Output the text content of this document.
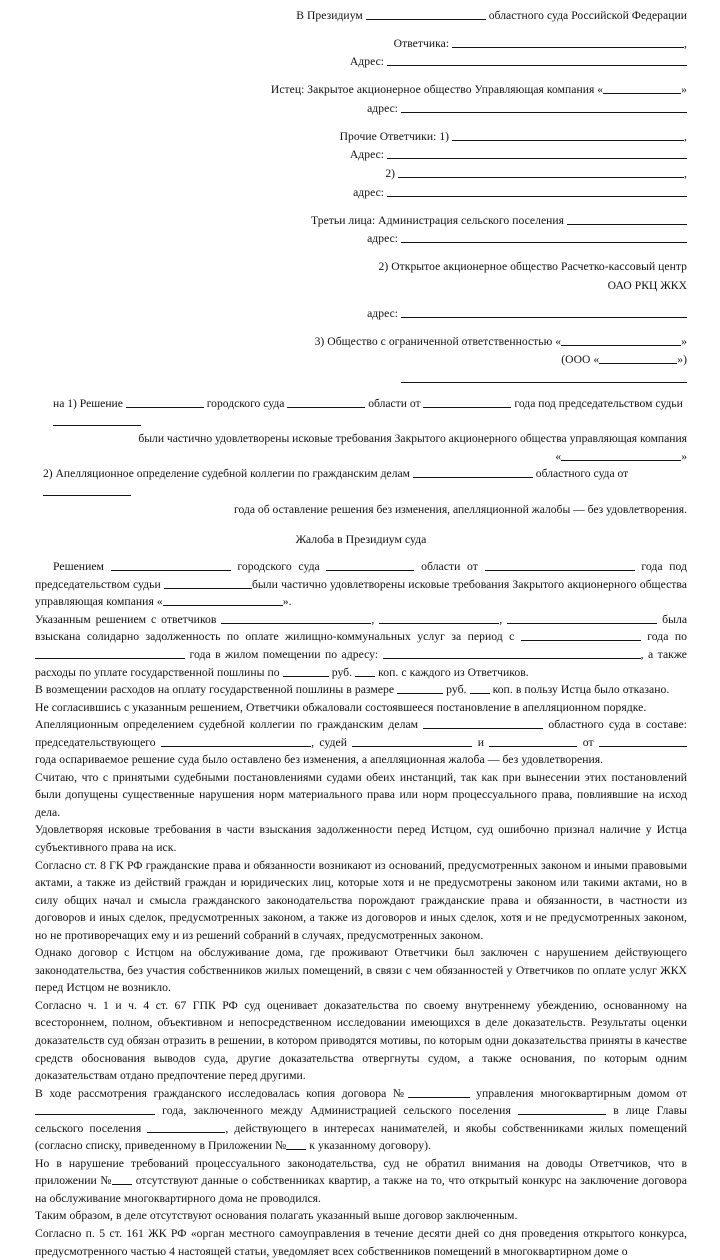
В Президиум	областного суда Российской Федерации
Ответчика:	,
Адрес:
Истец: Закрытое акционерное общество Управляющая компания «	»
адрес:
Прочие Ответчики: 1)	,
Адрес:
2)	,
адрес:
Третьи лица: Администрация сельского поселения
адрес:
2) Открытое акционерное общество Расчетко-кассовый центр
ОАО РКЦ ЖКХ
адрес:
3) Общество с ограниченной ответственностью «	»
(ООО «	»)
на 1) Решение	городского суда	области от	года под председательством судьи
были частично удовлетворены исковые требования Закрытого акционерного общества управляющая компания
«	»
2) Апелляционное определение судебной коллегии по гражданским делам	областного суда от
года об оставление решения без изменения, апелляционной жалобы — без удовлетворения.
Жалоба в Президиум суда

Решением	городского суда	области от	года под председательством судьи	были частично удовлетворены исковые требования Закрытого акционерного общества управляющая компания «	».

Указанным решением с ответчиков	,	,	была взыскана солидарно задолженность по оплате жилищно-коммунальных услуг за период с	года по  года в жилом помещении по адресу:	, а также расходы по уплате государственной пошлины по	руб. коп. с каждого из Ответчиков.

В возмещении расходов на оплату государственной пошлины в размере	руб. коп. в пользу Истца было отказано.

Не согласившись с указанным решением, Ответчики обжаловали состоявшееся постановление в апелляционном порядке.

Апелляционным определением судебной коллегии по гражданским делам	областного суда в составе: председательствующего	, судей	и	от  года оспариваемое решение суда было оставлено без изменения, а апелляционная жалоба — без удовлетворения.

Считаю, что с принятыми судебными постановлениями судами обеих инстанций, так как при вынесении этих постановлений были допущены существенные нарушения норм материального права или норм процессуального права, повлиявшие на исход дела.

Удовлетворяя исковые требования в части взыскания задолженности перед Истцом, суд ошибочно признал наличие у Истца субъективного права на иск.

Согласно ст. 8 ГК РФ гражданские права и обязанности возникают из оснований, предусмотренных законом и иными правовыми актами, а также из действий граждан и юридических лиц, которые хотя и не предусмотрены законом или такими актами, но в силу общих начал и смысла гражданского законодательства порождают гражданские права и обязанности, в частности из договоров и иных сделок, предусмотренных законом, а также из договоров и иных сделок, хотя и не предусмотренных законом, но не противоречащих ему и из решений собраний в случаях, предусмотренных законом.

Однако договор с Истцом на обслуживание дома, где проживают Ответчики был заключен с нарушением действующего законодательства, без участия собственников жилых помещений, в связи с чем обязанностей у Ответчиков по оплате услуг ЖКХ перед Истцом не возникло.

Согласно ч. 1 и ч. 4 ст. 67 ГПК РФ суд оценивает доказательства по своему внутреннему убеждению, основанному на всестороннем, полном, объективном и непосредственном исследовании имеющихся в деле доказательств. Результаты оценки доказательств суд обязан отразить в решении, в котором приводятся мотивы, по которым одни доказательства приняты в качестве средств обоснования выводов суда, другие доказательства отвергнуты судом, а также основания, по которым одним доказательствам отдано предпочтение перед другими.

В ходе рассмотрения гражданского исследовалась копия договора №	управления многоквартирным домом от  года, заключенного между Администрацией сельского поселения	в лице Главы сельского поселения	, действующего в интересах нанимателей, и якобы собственниками жилых помещений (согласно списку, приведенному в Приложении № к указанному договору).

Но в нарушение требований процессуального законодательства, суд не обратил внимания на доводы Ответчиков, что в приложении № отсутствуют данные о собственниках квартир, а также на то, что открытый конкурс на заключение договора на обслуживание многоквартирного дома не проводился.

Таким образом, в деле отсутствуют основания полагать указанный выше договор заключенным.

Согласно п. 5 ст. 161 ЖК РФ «орган местного самоуправления в течение десяти дней со дня проведения открытого конкурса, предусмотренного частью 4 настоящей статьи, уведомляет всех собственников помещений в многоквартирном доме о
